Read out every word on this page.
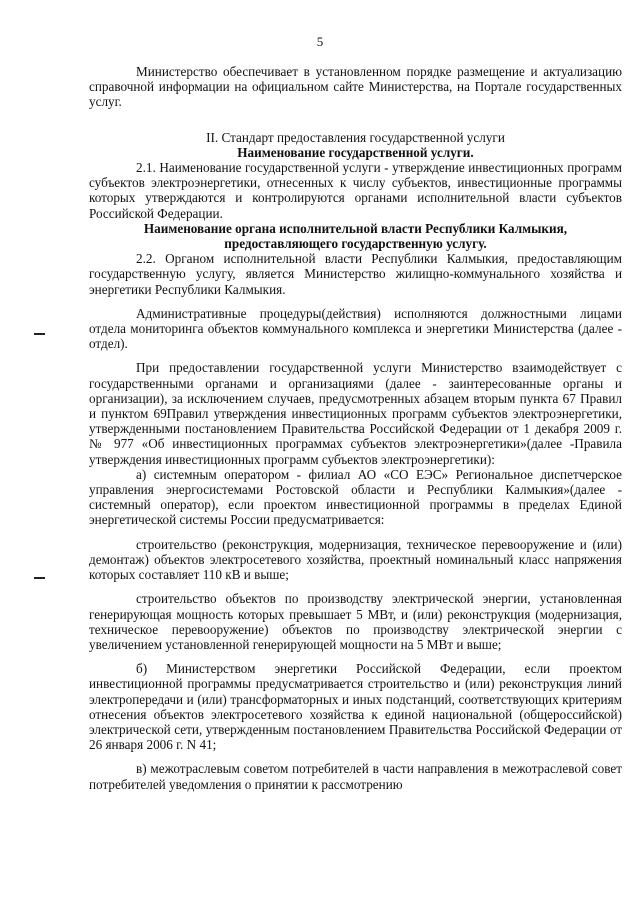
5

Министерство обеспечивает в установленном порядке размещение и актуализацию справочной информации на официальном сайте Министерства, на Портале государственных услуг.

II. Стандарт предоставления государственной услуги

Наименование государственной услуги.

2.1. Наименование государственной услуги - утверждение инвестиционных программ субъектов электроэнергетики, отнесенных к числу субъектов, инвестиционные программы которых утверждаются и контролируются органами исполнительной власти субъектов Российской Федерации.

Наименование органа исполнительной власти Республики Калмыкия, предоставляющего государственную услугу.

2.2. Органом исполнительной власти Республики Калмыкия, предоставляющим государственную услугу, является Министерство жилищно-коммунального хозяйства и энергетики Республики Калмыкия.

Административные процедуры(действия) исполняются должностными лицами отдела мониторинга объектов коммунального комплекса и энергетики Министерства (далее - отдел).

При предоставлении государственной услуги Министерство взаимодействует с государственными органами и организациями (далее - заинтересованные органы и организации), за исключением случаев, предусмотренных абзацем вторым пункта 67 Правил и пунктом 69Правил утверждения инвестиционных программ субъектов электроэнергетики, утвержденными постановлением Правительства Российской Федерации от 1 декабря 2009 г. № 977 «Об инвестиционных программах субъектов электроэнергетики»(далее -Правила утверждения инвестиционных программ субъектов электроэнергетики):

а) системным оператором - филиал АО «СО ЕЭС» Региональное диспетчерское управления энергосистемами Ростовской области и Республики Калмыкия»(далее - системный оператор), если проектом инвестиционной программы в пределах Единой энергетической системы России предусматривается:

строительство (реконструкция, модернизация, техническое перевооружение и (или) демонтаж) объектов электросетевого хозяйства, проектный номинальный класс напряжения которых составляет 110 кВ и выше;

строительство объектов по производству электрической энергии, установленная генерирующая мощность которых превышает 5 МВт, и (или) реконструкция (модернизация, техническое перевооружение) объектов по производству электрической энергии с увеличением установленной генерирующей мощности на 5 МВт и выше;

б) Министерством энергетики Российской Федерации, если проектом инвестиционной программы предусматривается строительство и (или) реконструкция линий электропередачи и (или) трансформаторных и иных подстанций, соответствующих критериям отнесения объектов электросетевого хозяйства к единой национальной (общероссийской) электрической сети, утвержденным постановлением Правительства Российской Федерации от 26 января 2006 г. N 41;

в) межотраслевым советом потребителей в части направления в межотраслевой совет потребителей уведомления о принятии к рассмотрению
